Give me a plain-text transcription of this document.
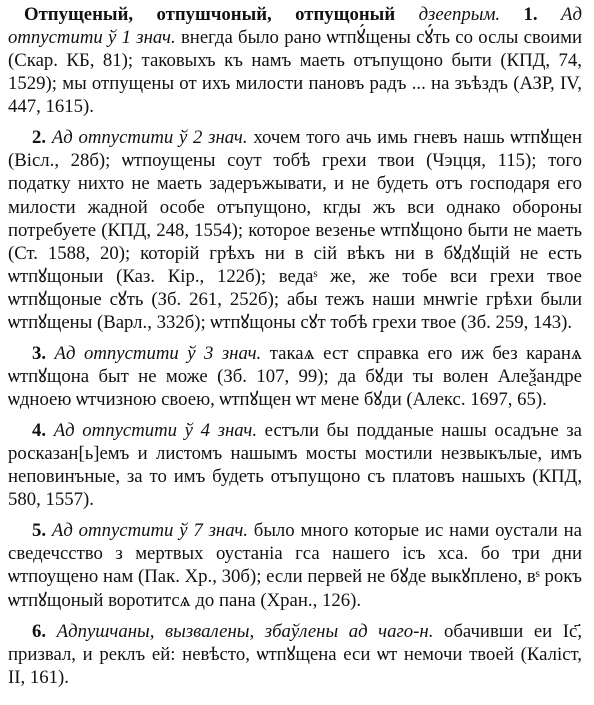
Отпущеный, отпушчоный, отпущоный дзеeпрым. 1. Ад отпустити ў 1 знач. внегда было рано ѡтпꙋ́щены сꙋ́ть со ослы своими (Скар. КБ, 81); таковыхъ къ намъ маеть отъпущоно быти (КПД, 74, 1529); мы отпущены от ихъ милости пановъ радъ ... на зъѣздъ (АЗР, IV, 447, 1615).

2. Ад отпустити ў 2 знач. хочем того ачь имь гневъ нашь ѡтпꙋщен (Вісл., 28б); ѡтпоущены соут тобѣ грехи твои (Чэцця, 115); того податку нихто не маеть задеръжывати, и не будеть отъ господаря его милости жадной особе отъпущоно, кгды жъ вси однако обороны потребуете (КПД, 248, 1554); которое везенье ѡтпꙋщоно быти не маеть (Ст. 1588, 20); которій грѣхъ ни в сій вѣкъ ни в бꙋдꙋщій не есть ѡтпꙋщоныи (Каз. Кір., 122б); ведаˢ же, же тобе вси грехи твое ѡтпꙋщоные сꙋть (Зб. 261, 252б); абы тежъ наши мнѡгіе грѣхи были ѡтпꙋщены (Варл., 332б); ѡтпꙋщоны сꙋт тобѣ грехи твое (Зб. 259, 143).

3. Ад отпустити ў 3 знач. такаѧ ест справка его иж без каранѧ ѡтпꙋщона быт не може (Зб. 107, 99); да бꙋди ты волен Алеѯандре ѡдноею ѡтчизною своею, ѡтпꙋщен ѡт мене бꙋди (Алекс. 1697, 65).

4. Ад отпустити ў 4 знач. естъли бы подданые нашы осадъне за росказан[ь]емъ и листомъ нашымъ мосты мостили незвыкълые, имъ неповинъные, за то имъ будеть отъпущоно съ платовъ нашыхъ (КПД, 580, 1557).

5. Ад отпустити ў 7 знач. было много которые ис нами оустали на сведечсство з мертвых оустаніа гса нашего ісъ хса. бо три дни ѡтпоущено нам (Пак. Хр., 30б); если первей не бꙋде выкꙋплено, вˢ рокъ ѡтпꙋщоный воротитсѧ до пана (Хран., 126).

6. Адпушчаны, вызвалены, збаўлены ад чаго-н. обачивши еи Іс҃, призвал, и реклъ ей: невѣсто, ѡтпꙋщена еси ѡт немочи твоей (Каліст, II, 161).
